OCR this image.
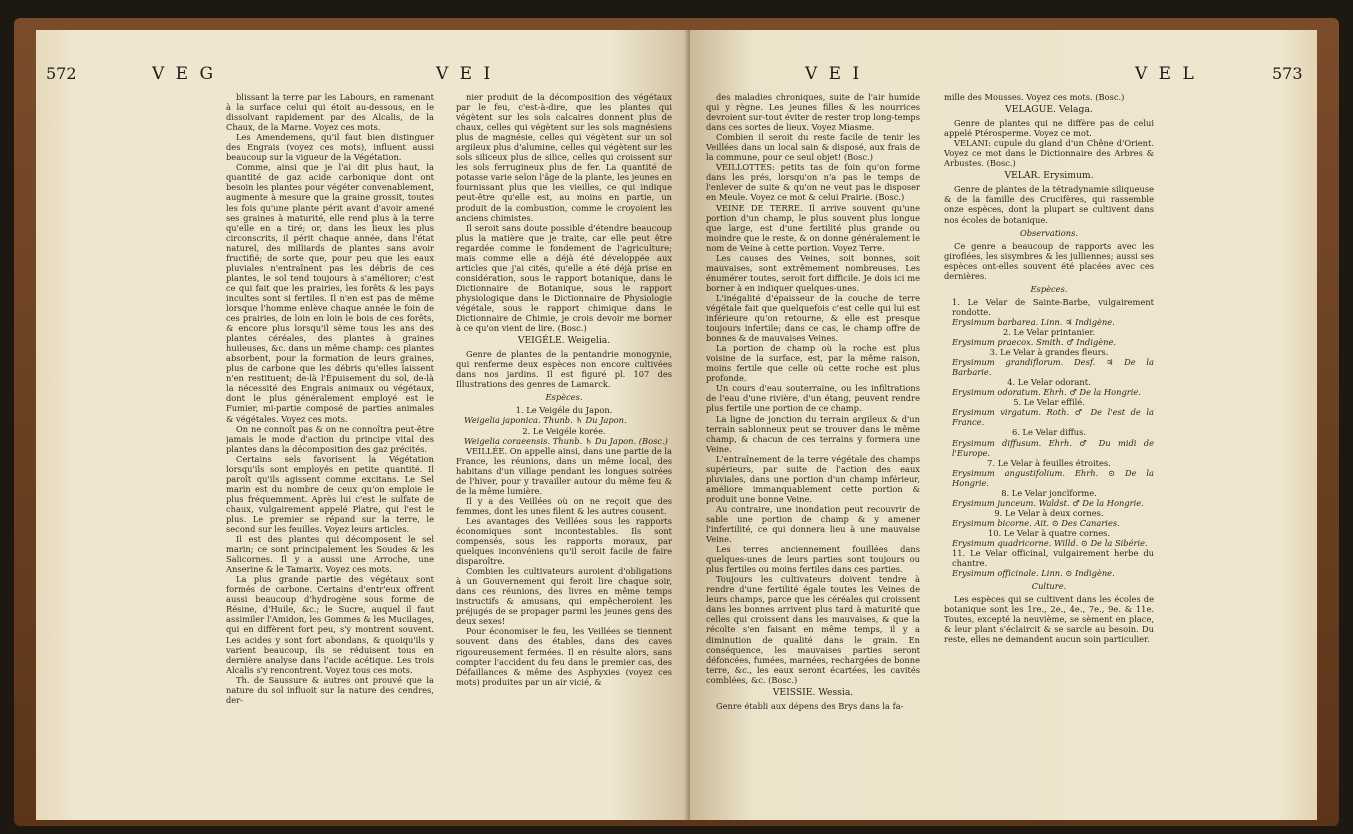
572	V E G	V E I

blissant la terre par les Labours, en ramenant à la surface celui qui étoit au-dessous, en le dissolvant rapidement par des Alcalis, de la Chaux, de la Marne. Voyez ces mots.

Les Amendemens, qu'il faut bien distinguer des Engrais (voyez ces mots), influent aussi beaucoup sur la vigueur de la Végétation.

Comme, ainsi que je l'ai dit plus haut, la quantité de gaz acide carbonique dont ont besoin les plantes pour végéter convenablement, augmente à mesure que la graine grossit, toutes les fois qu'une plante périt avant d'avoir amené ses graines à maturité, elle rend plus à la terre qu'elle en a tiré; or, dans les lieux les plus circonscrits, il périt chaque année, dans l'état naturel, des milliards de plantes sans avoir fructifié; de sorte que, pour peu que les eaux pluviales n'entraînent pas les débris de ces plantes, le sol tend toujours à s'améliorer; c'est ce qui fait que les prairies, les forêts & les pays incultes sont si fertiles. Il n'en est pas de même lorsque l'homme enlève chaque année le foin de ces prairies, de loin en loin le bois de ces forêts, & encore plus lorsqu'il sème tous les ans des plantes céréales, des plantes à graines huileuses, &c. dans un même champ: ces plantes absorbent, pour la formation de leurs graines, plus de carbone que les débris qu'elles laissent n'en restituent; de-là l'Épuisement du sol, de-là la nécessité des Engrais animaux ou végétaux, dont le plus généralement employé est le Fumier, mi-partie composé de parties animales & végétales. Voyez ces mots.

On ne connoît pas & on ne connoîtra peut-être jamais le mode d'action du principe vital des plantes dans la décomposition des gaz précités.

Certains sels favorisent la Végétation lorsqu'ils sont employés en petite quantité. Il paroît qu'ils agissent comme excitans. Le Sel marin est du nombre de ceux qu'on emploie le plus fréquemment. Après lui c'est le sulfate de chaux, vulgairement appelé Platre, qui l'est le plus. Le premier se répand sur la terre, le second sur les feuilles. Voyez leurs articles.

Il est des plantes qui décomposent le sel marin; ce sont principalement les Soudes & les Salicornes. Il y a aussi une Arroche, une Anserine & le Tamarix. Voyez ces mots.

La plus grande partie des végétaux sont formés de carbone. Certains d'entr'eux offrent aussi beaucoup d'hydrogène sous forme de Résine, d'Huile, &c.; le Sucre, auquel il faut assimiler l'Amidon, les Gommes & les Mucilages, qui en diffèrent fort peu, s'y montrent souvent. Les acides y sont fort abondans, & quoiqu'ils y varient beaucoup, ils se réduisent tous en dernière analyse dans l'acide acétique. Les trois Alcalis s'y rencontrent. Voyez tous ces mots.

Th. de Saussure & autres ont prouvé que la nature du sol influoit sur la nature des cendres, der-

nier produit de la décomposition des végétaux par le feu, c'est-à-dire, que les plantes qui végètent sur les sols calcaires donnent plus de chaux, celles qui végètent sur les sols magnésiens plus de magnésie, celles qui végètent sur un sol argileux plus d'alumine, celles qui végètent sur les sols siliceux plus de silice, celles qui croissent sur les sols ferrugineux plus de fer. La quantité de potasse varie selon l'âge de la plante, les jeunes en fournissant plus que les vieilles, ce qui indique peut-être qu'elle est, au moins en partie, un produit de la combustion, comme le croyoient les anciens chimistes.

Il seroit sans doute possible d'étendre beaucoup plus la matière que je traite, car elle peut être regardée comme le fondement de l'agriculture; mais comme elle a déjà été développée aux articles que j'ai cités, qu'elle a été déjà prise en considération, sous le rapport botanique, dans le Dictionnaire de Botanique, sous le rapport physiologique dans le Dictionnaire de Physiologie végétale, sous le rapport chimique dans le Dictionnaire de Chimie, je crois devoir me borner à ce qu'on vient de lire. (Bosc.)

VEIGÉLE. Weigelia.

Genre de plantes de la pentandrie monogynie, qui renferme deux espèces non encore cultivées dans nos jardins. Il est figuré pl. 107 des Illustrations des genres de Lamarck.

Espèces.

1. Le Veigéle du Japon.

Weigelia japonica. Thunb. ♄ Du Japon.

2. Le Veigéle korée.

Weigelia coraeensis. Thunb. ♄ Du Japon. (Bosc.)

VEILLÉE. On appelle ainsi, dans une partie de la France, les réunions, dans un même local, des habitans d'un village pendant les longues soirées de l'hiver, pour y travailler autour du même feu & de la même lumière.

Il y a des Veillées où on ne reçoit que des femmes, dont les unes filent & les autres cousent.

Les avantages des Veillées sous les rapports économiques sont incontestables. Ils sont compensés, sous les rapports moraux, par quelques inconvéniens qu'il seroit facile de faire disparoître.

Combien les cultivateurs auroient d'obligations à un Gouvernement qui feroit lire chaque soir, dans ces réunions, des livres en même temps instructifs & amusans, qui empêcheroient les préjugés de se propager parmi les jeunes gens des deux sexes!

Pour économiser le feu, les Veillées se tiennent souvent dans des étables, dans des caves rigoureusement fermées. Il en résulte alors, sans compter l'accident du feu dans le premier cas, des Défaillances & même des Asphyxies (voyez ces mots) produites par un air vicié, &

V E I	V E L	573

des maladies chroniques, suite de l'air humide qui y règne. Les jeunes filles & les nourrices devroient sur-tout éviter de rester trop long-temps dans ces sortes de lieux. Voyez Miasme.

Combien il seroit du reste facile de tenir les Veillées dans un local sain & disposé, aux frais de la commune, pour ce seul objet! (Bosc.)

VEILLOTTES: petits tas de foin qu'on forme dans les prés, lorsqu'on n'a pas le temps de l'enlever de suite & qu'on ne veut pas le disposer en Meule. Voyez ce mot & celui Prairie. (Bosc.)

VEINE DE TERRE. Il arrive souvent qu'une portion d'un champ, le plus souvent plus longue que large, est d'une fertilité plus grande ou moindre que le reste, & on donne généralement le nom de Veine à cette portion. Voyez Terre.

Les causes des Veines, soit bonnes, soit mauvaises, sont extrêmement nombreuses. Les énumérer toutes, seroit fort difficile. Je dois ici me borner à en indiquer quelques-unes.

L'inégalité d'épaisseur de la couche de terre végétale fait que quelquefois c'est celle qui lui est inférieure qu'on retourne, & elle est presque toujours infertile; dans ce cas, le champ offre de bonnes & de mauvaises Veines.

La portion de champ où la roche est plus voisine de la surface, est, par la même raison, moins fertile que celle où cette roche est plus profonde.

Un cours d'eau souterraine, ou les infiltrations de l'eau d'une rivière, d'un étang, peuvent rendre plus fertile une portion de ce champ.

La ligne de jonction du terrain argileux & d'un terrain sablonneux peut se trouver dans le même champ, & chacun de ces terrains y formera une Veine.

L'entraînement de la terre végétale des champs supérieurs, par suite de l'action des eaux pluviales, dans une portion d'un champ inférieur, améliore immanquablement cette portion & produit une bonne Veine.

Au contraire, une inondation peut recouvrir de sable une portion de champ & y amener l'infertilité, ce qui donnera lieu à une mauvaise Veine.

Les terres anciennement fouillées dans quelques-unes de leurs parties sont toujours ou plus fertiles ou moins fertiles dans ces parties.

Toujours les cultivateurs doivent tendre à rendre d'une fertilité égale toutes les Veines de leurs champs, parce que les céréales qui croissent dans les bonnes arrivent plus tard à maturité que celles qui croissent dans les mauvaises, & que la récolte s'en faisant en même temps, il y a diminution de qualité dans le grain. En conséquence, les mauvaises parties seront défoncées, fumées, marnées, rechargées de bonne terre, &c., les eaux seront écartées, les cavités comblées, &c. (Bosc.)

VEISSIE. Wessia.

Genre établi aux dépens des Brys dans la fa-

mille des Mousses. Voyez ces mots. (Bosc.)

VELAGUE. Velaga.

Genre de plantes qui ne diffère pas de celui appelé Ptérosperme. Voyez ce mot.

VELANI: cupule du gland d'un Chêne d'Orient. Voyez ce mot dans le Dictionnaire des Arbres & Arbustes. (Bosc.)

VELAR. Erysimum.

Genre de plantes de la tétradynamie siliqueuse & de la famille des Crucifères, qui rassemble onze espèces, dont la plupart se cultivent dans nos écoles de botanique.

Observations.

Ce genre a beaucoup de rapports avec les giroflées, les sisymbres & les julliennes; aussi ses espèces ont-elles souvent été placées avec ces dernières.

Espèces.

1. Le Velar de Sainte-Barbe, vulgairement rondotte.

Erysimum barbarea. Linn. ♃ Indigène.

2. Le Velar printanier.

Erysimum praecox. Smith. ♂ Indigène.

3. Le Velar à grandes fleurs.

Erysimum grandiflorum. Desf. ♃ De la Barbarie.

4. Le Velar odorant.

Erysimum odoratum. Ehrh. ♂ De la Hongrie.

5. Le Velar effilé.

Erysimum virgatum. Roth. ♂ De l'est de la France.

6. Le Velar diffus.

Erysimum diffusum. Ehrh. ♂ Du midi de l'Europe.

7. Le Velar à feuilles étroites.

Erysimum angustifolium. Ehrh. ⊙ De la Hongrie.

8. Le Velar joncïforme.

Erysimum junceum. Waldst. ♂ De la Hongrie.

9. Le Velar à deux cornes.

Erysimum bicorne. Ait. ⊙ Des Canaries.

10. Le Velar à quatre cornes.

Erysimum quadricorne. Willd. ⊙ De la Sibérie.

11. Le Velar officinal, vulgairement herbe du chantre.

Erysimum officinale. Linn. ⊙ Indigène.

Culture.

Les espèces qui se cultivent dans les écoles de botanique sont les 1re., 2e., 4e., 7e., 9e. & 11e. Toutes, excepté la neuvième, se sèment en place, & leur plant s'éclaircit & se sarcle au besoin. Du reste, elles ne demandent aucun soin particulier.
